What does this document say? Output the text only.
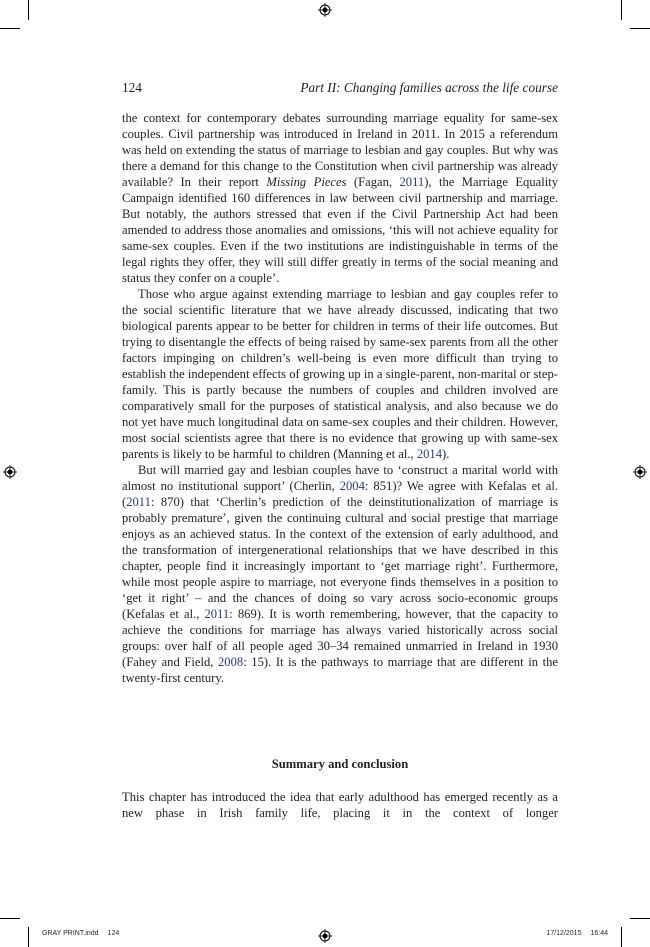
124	Part II: Changing families across the life course

the context for contemporary debates surrounding marriage equality for same-sex couples. Civil partnership was introduced in Ireland in 2011. In 2015 a referendum was held on extending the status of marriage to lesbian and gay couples. But why was there a demand for this change to the Constitution when civil partnership was already available? In their report Missing Pieces (Fagan, 2011), the Marriage Equality Campaign identified 160 differences in law between civil partnership and marriage. But notably, the authors stressed that even if the Civil Partnership Act had been amended to address those anomalies and omissions, ‘this will not achieve equality for same-sex couples. Even if the two institutions are indistinguishable in terms of the legal rights they offer, they will still differ greatly in terms of the social meaning and status they confer on a couple’.

Those who argue against extending marriage to lesbian and gay couples refer to the social scientific literature that we have already discussed, indicating that two biological parents appear to be better for children in terms of their life outcomes. But trying to disentangle the effects of being raised by same-sex parents from all the other factors impinging on children’s well-being is even more difficult than trying to establish the independent effects of growing up in a single-parent, non-marital or step-family. This is partly because the numbers of couples and children involved are comparatively small for the purposes of statistical analysis, and also because we do not yet have much longitudinal data on same-sex couples and their children. However, most social scientists agree that there is no evidence that growing up with same-sex parents is likely to be harmful to children (Manning et al., 2014).

But will married gay and lesbian couples have to ‘construct a marital world with almost no institutional support’ (Cherlin, 2004: 851)? We agree with Kefalas et al. (2011: 870) that ‘Cherlin’s prediction of the deinstitutionalization of marriage is probably premature’, given the continuing cultural and social prestige that marriage enjoys as an achieved status. In the context of the extension of early adulthood, and the transformation of intergenerational relationships that we have described in this chapter, people find it increasingly important to ‘get marriage right’. Furthermore, while most people aspire to marriage, not everyone finds themselves in a position to ‘get it right’ – and the chances of doing so vary across socio-economic groups (Kefalas et al., 2011: 869). It is worth remembering, however, that the capacity to achieve the conditions for marriage has always varied historically across social groups: over half of all people aged 30–34 remained unmarried in Ireland in 1930 (Fahey and Field, 2008: 15). It is the pathways to marriage that are different in the twenty-first century.

Summary and conclusion

This chapter has introduced the idea that early adulthood has emerged recently as a new phase in Irish family life, placing it in the context of longer

GRAY PRINT.indd 124	17/12/2015 16:44
